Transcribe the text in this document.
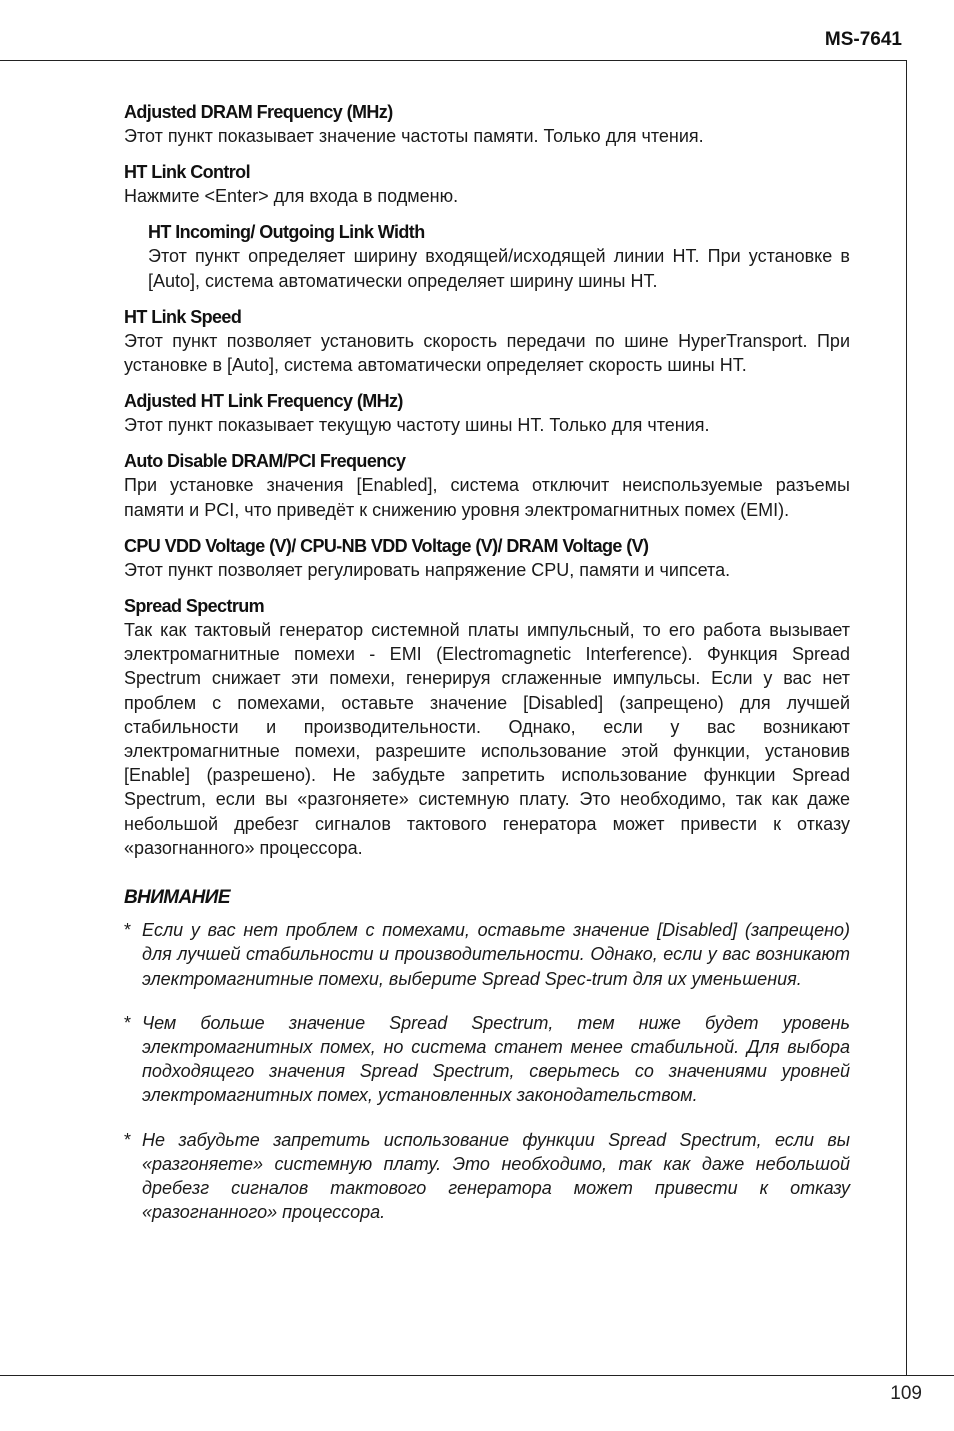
MS-7641
Adjusted DRAM Frequency (MHz)
Этот пункт показывает значение частоты памяти. Только для чтения.
HT Link Control
Нажмите <Enter> для входа в подменю.
HT Incoming/ Outgoing Link Width
Этот пункт определяет ширину входящей/исходящей линии HT. При установке в [Auto], система автоматически определяет ширину шины HT.
HT Link Speed
Этот пункт позволяет установить скорость передачи по шине HyperTransport. При установке в [Auto], система автоматически определяет скорость шины HT.
Adjusted HT Link Frequency (MHz)
Этот пункт показывает текущую частоту шины HT. Только для чтения.
Auto Disable DRAM/PCI Frequency
При установке значения [Enabled], система отключит неиспользуемые разъемы памяти и PCI, что приведёт к снижению уровня электромагнитных помех (EMI).
CPU VDD Voltage (V)/ CPU-NB VDD Voltage (V)/ DRAM Voltage (V)
Этот пункт позволяет регулировать напряжение CPU, памяти и чипсета.
Spread Spectrum
Так как тактовый генератор системной платы импульсный, то его работа вызывает электромагнитные помехи - EMI (Electromagnetic Interference). Функция Spread Spectrum снижает эти помехи, генерируя сглаженные импульсы. Если у вас нет проблем с помехами, оставьте значение [Disabled] (запрещено) для лучшей стабильности и производительности. Однако, если у вас возникают электромагнитные помехи, разрешите использование этой функции, установив [Enable] (разрешено). Не забудьте запретить использование функции Spread Spectrum, если вы «разгоняете» системную плату. Это необходимо, так как даже небольшой дребезг сигналов тактового генератора может привести к отказу «разогнанного» процессора.
ВНИМАНИЕ
* Если у вас нет проблем с помехами, оставьте значение [Disabled] (запрещено) для лучшей стабильности и производительности. Однако, если у вас возникают электромагнитные помехи, выберите Spread Spec-trum для их уменьшения.
* Чем больше значение Spread Spectrum, тем ниже будет уровень электромагнитных помех, но система станет менее стабильной. Для выбора подходящего значения Spread Spectrum, сверьтесь со значениями уровней электромагнитных помех, установленных законодательством.
* Не забудьте запретить использование функции Spread Spectrum, если вы «разгоняете» системную плату. Это необходимо, так как даже небольшой дребезг сигналов тактового генератора может привести к отказу «разогнанного» процессора.
109
